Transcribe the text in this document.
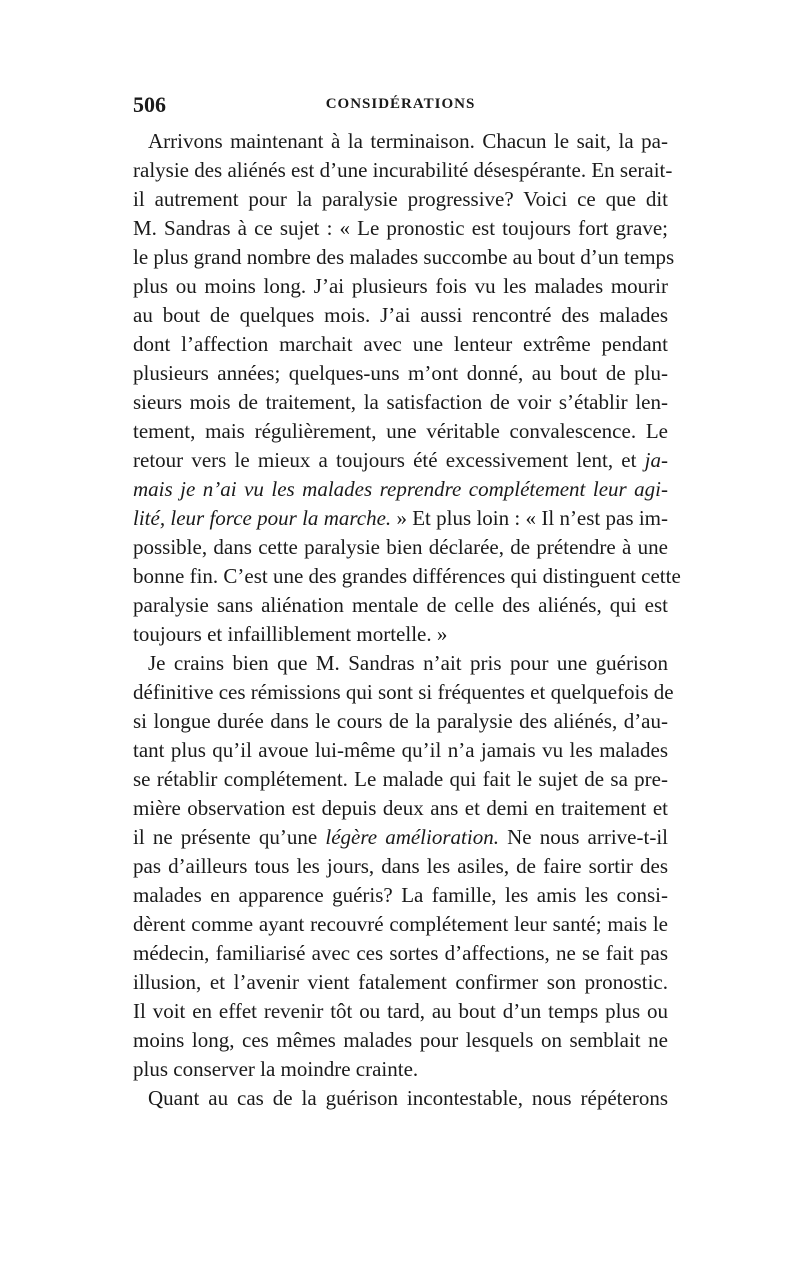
506	CONSIDÉRATIONS
Arrivons maintenant à la terminaison. Chacun le sait, la pa-
ralysie des aliénés est d’une incurabilité désespérante. En serait-
il autrement pour la paralysie progressive? Voici ce que dit
M. Sandras à ce sujet : « Le pronostic est toujours fort grave;
le plus grand nombre des malades succombe au bout d’un temps
plus ou moins long. J’ai plusieurs fois vu les malades mourir
au bout de quelques mois. J’ai aussi rencontré des malades
dont l’affection marchait avec une lenteur extrême pendant
plusieurs années; quelques-uns m’ont donné, au bout de plu-
sieurs mois de traitement, la satisfaction de voir s’établir len-
tement, mais régulièrement, une véritable convalescence. Le
retour vers le mieux a toujours été excessivement lent, et ja-
mais je n’ai vu les malades reprendre complétement leur agi-
lité, leur force pour la marche. » Et plus loin : « Il n’est pas im-
possible, dans cette paralysie bien déclarée, de prétendre à une
bonne fin. C’est une des grandes différences qui distinguent cette
paralysie sans aliénation mentale de celle des aliénés, qui est
toujours et infailliblement mortelle. »
Je crains bien que M. Sandras n’ait pris pour une guérison
définitive ces rémissions qui sont si fréquentes et quelquefois de
si longue durée dans le cours de la paralysie des aliénés, d’au-
tant plus qu’il avoue lui-même qu’il n’a jamais vu les malades
se rétablir complétement. Le malade qui fait le sujet de sa pre-
mière observation est depuis deux ans et demi en traitement et
il ne présente qu’une légère amélioration. Ne nous arrive-t-il
pas d’ailleurs tous les jours, dans les asiles, de faire sortir des
malades en apparence guéris? La famille, les amis les consi-
dèrent comme ayant recouvré complétement leur santé; mais le
médecin, familiarisé avec ces sortes d’affections, ne se fait pas
illusion, et l’avenir vient fatalement confirmer son pronostic.
Il voit en effet revenir tôt ou tard, au bout d’un temps plus ou
moins long, ces mêmes malades pour lesquels on semblait ne
plus conserver la moindre crainte.
Quant au cas de la guérison incontestable, nous répéterons
